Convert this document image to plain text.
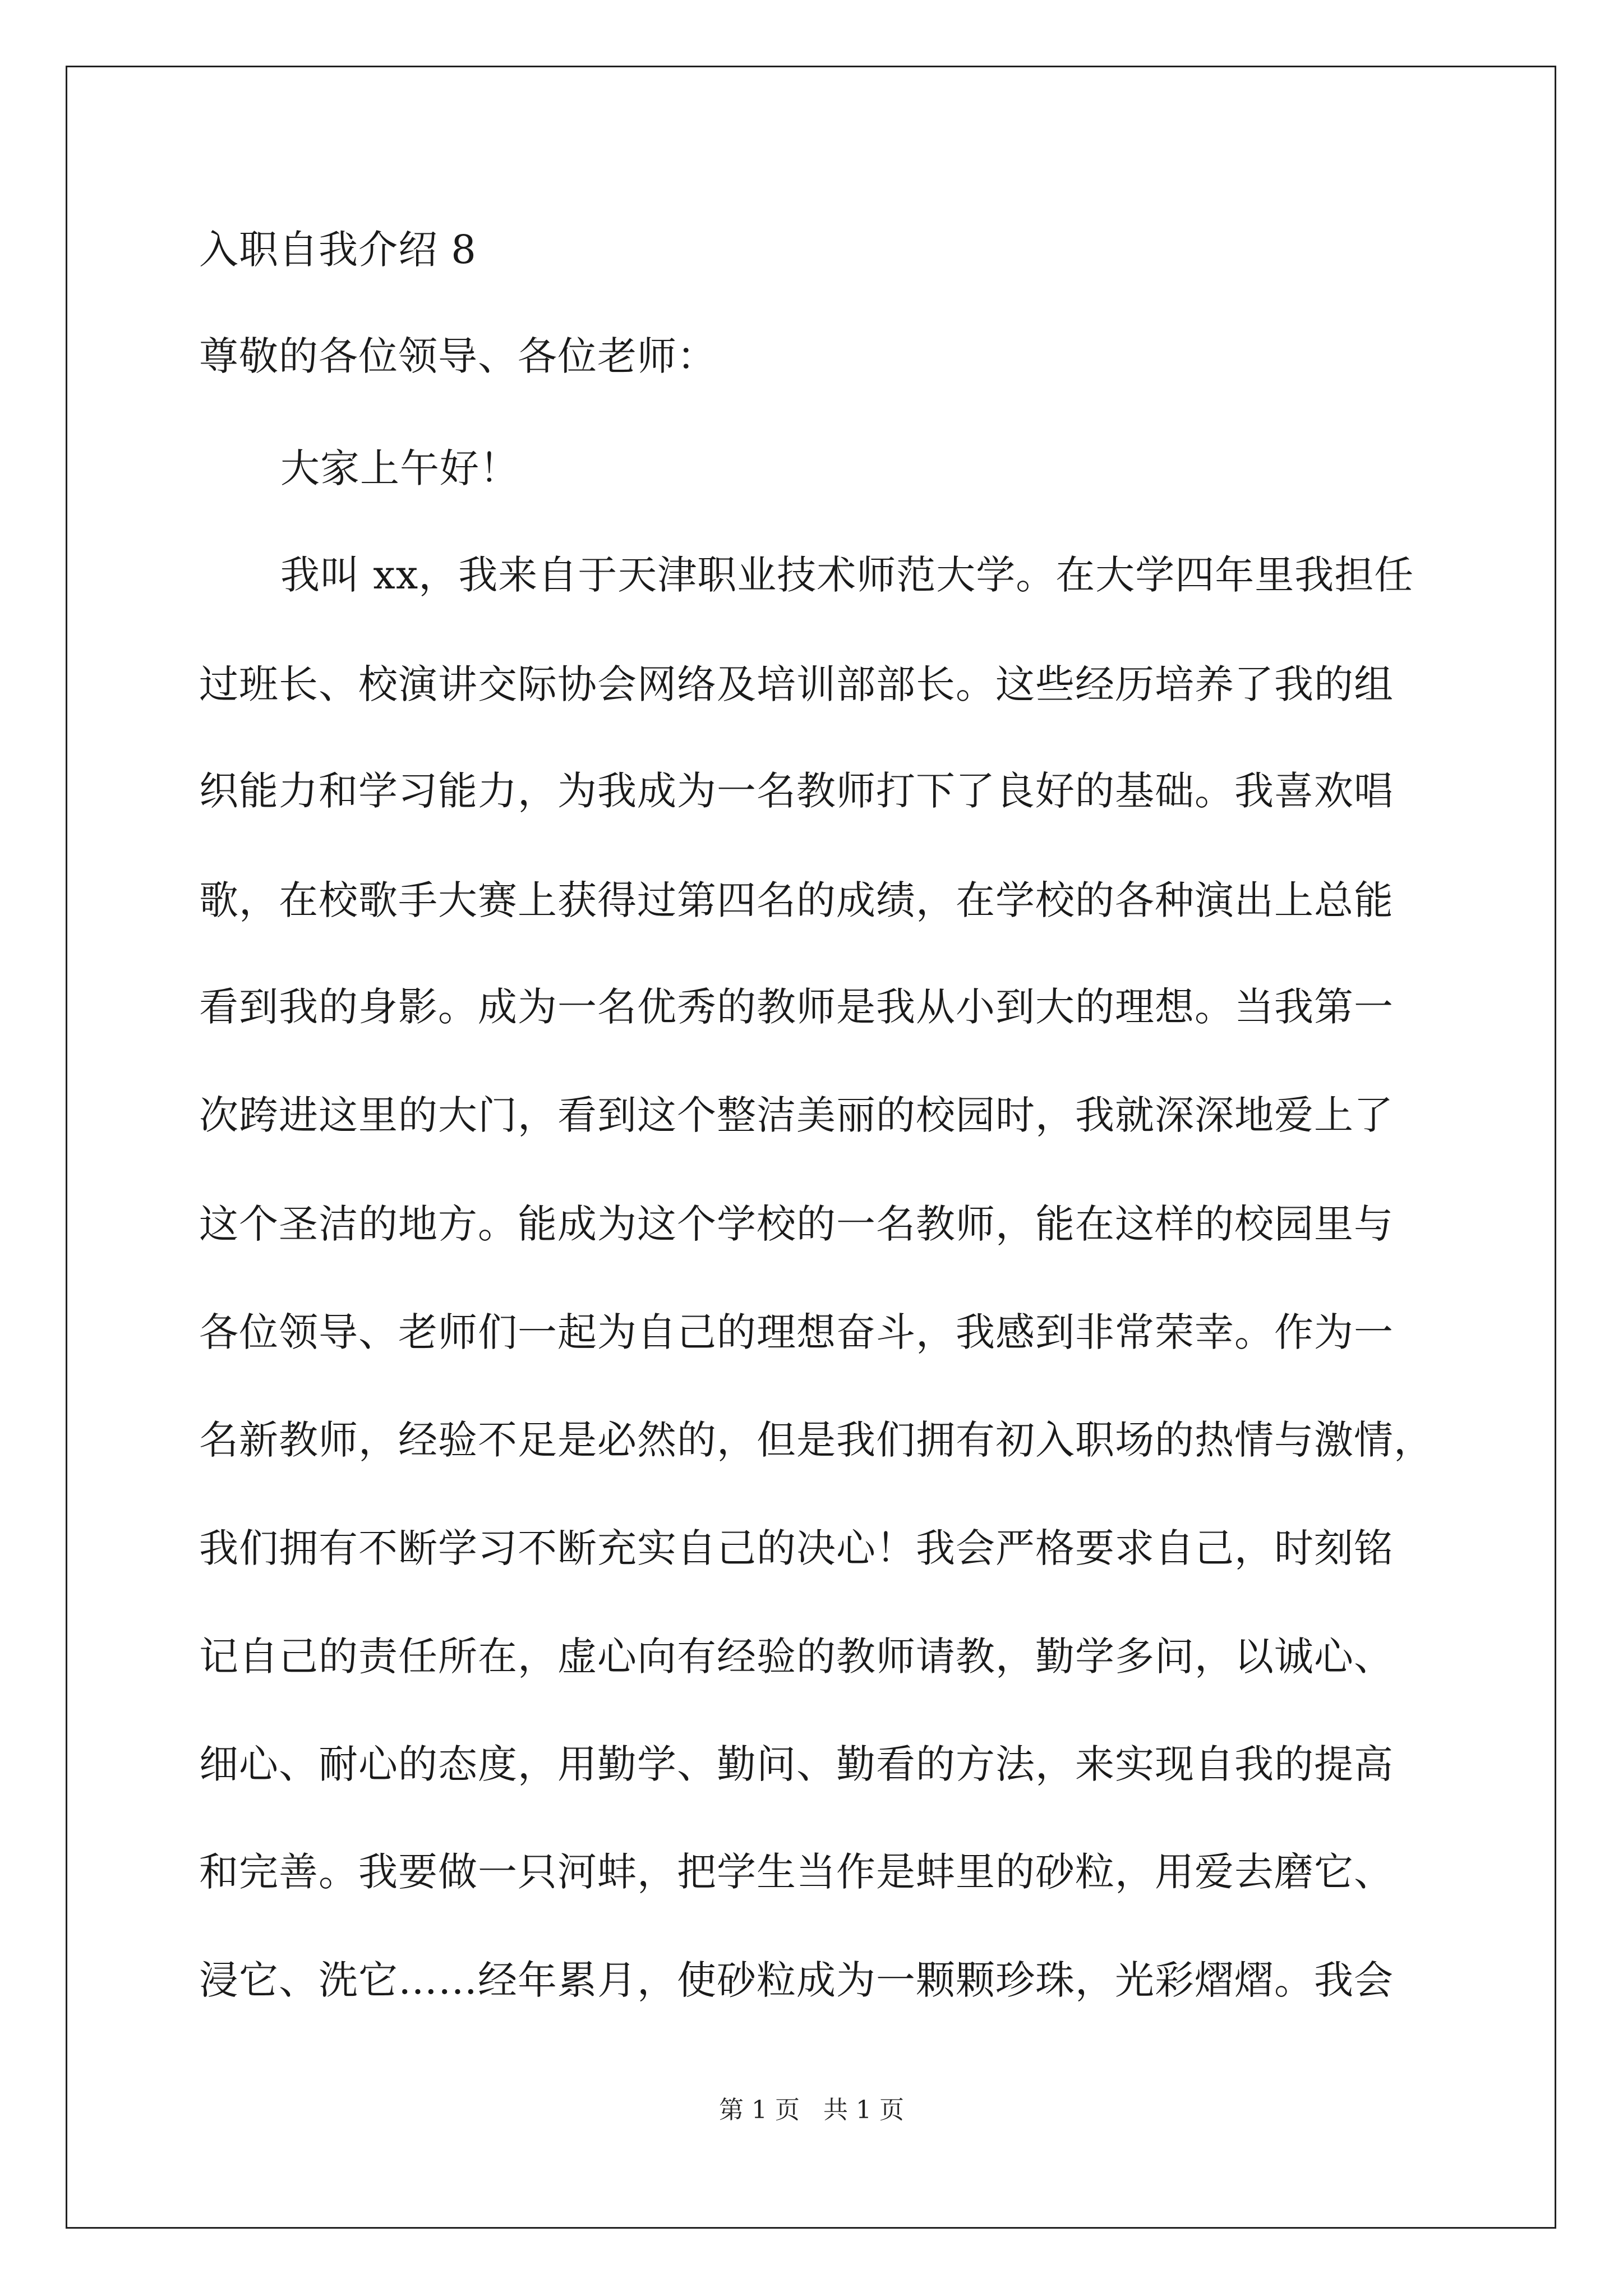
入职自我介绍 8
尊敬的各位领导、各位老师：
大家上午好！
我叫 xx，我来自于天津职业技术师范大学。在大学四年里我担任
过班长、校演讲交际协会网络及培训部部长。这些经历培养了我的组
织能力和学习能力，为我成为一名教师打下了良好的基础。我喜欢唱
歌，在校歌手大赛上获得过第四名的成绩，在学校的各种演出上总能
看到我的身影。成为一名优秀的教师是我从小到大的理想。当我第一
次跨进这里的大门，看到这个整洁美丽的校园时，我就深深地爱上了
这个圣洁的地方。能成为这个学校的一名教师，能在这样的校园里与
各位领导、老师们一起为自己的理想奋斗，我感到非常荣幸。作为一
名新教师，经验不足是必然的，但是我们拥有初入职场的热情与激情，
我们拥有不断学习不断充实自己的决心！我会严格要求自己，时刻铭
记自己的责任所在，虚心向有经验的教师请教，勤学多问，以诚心、
细心、耐心的态度，用勤学、勤问、勤看的方法，来实现自我的提高
和完善。我要做一只河蚌，把学生当作是蚌里的砂粒，用爱去磨它、
浸它、洗它……经年累月，使砂粒成为一颗颗珍珠，光彩熠熠。我会
第 1 页   共 1 页
